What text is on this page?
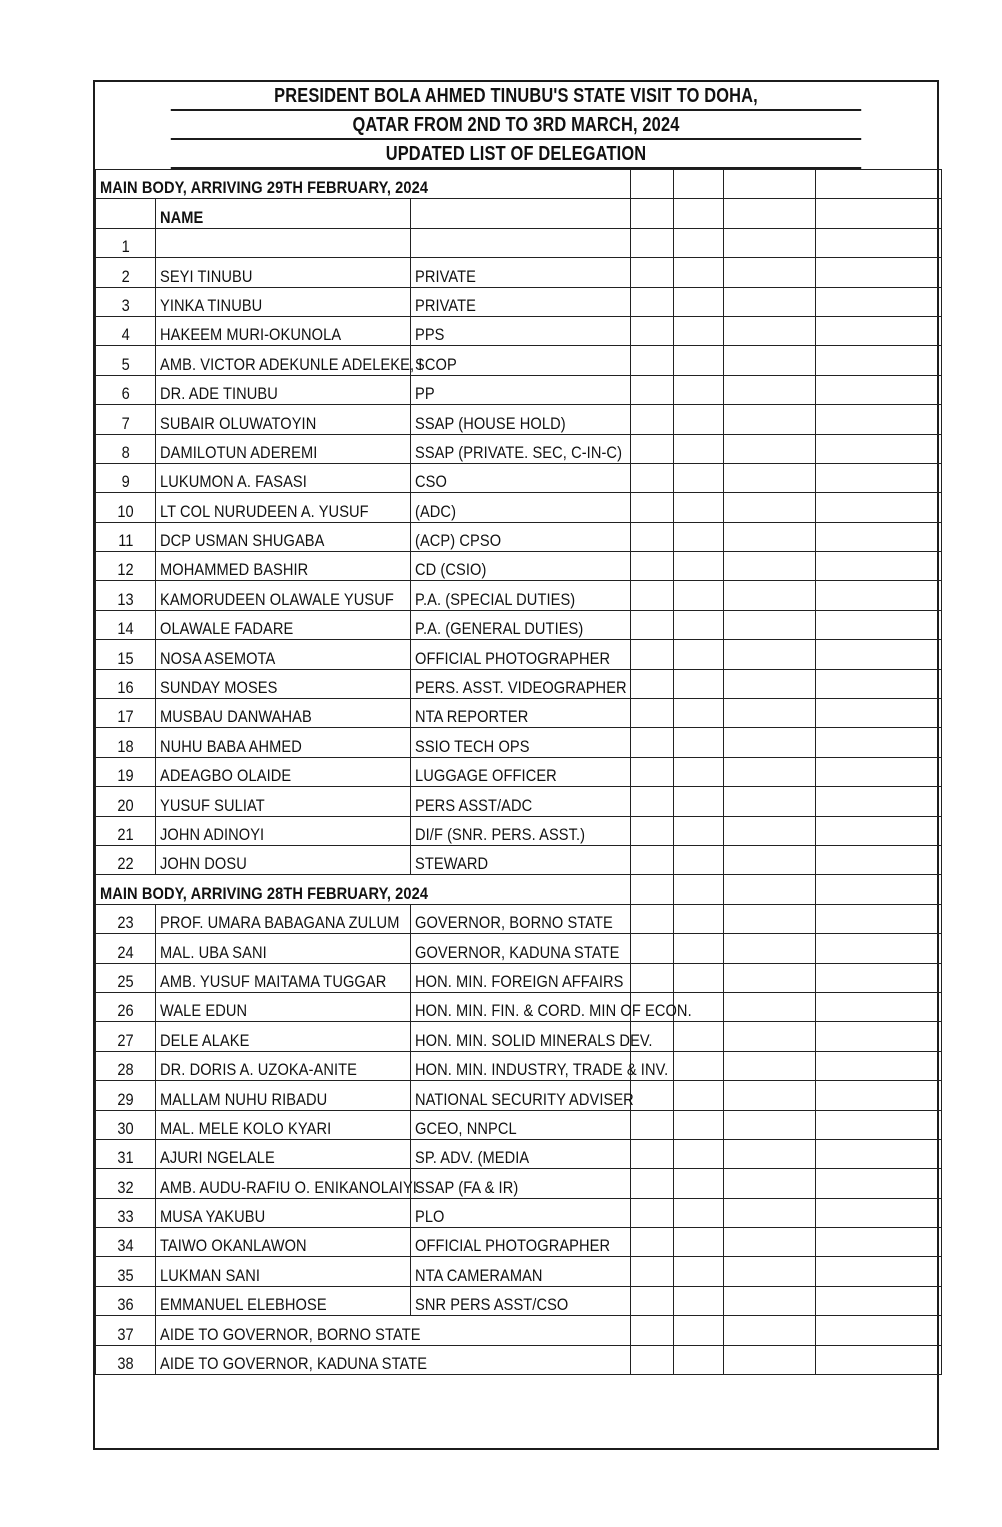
PRESIDENT BOLA AHMED TINUBU'S STATE VISIT TO DOHA,
QATAR FROM 2ND TO 3RD MARCH, 2024
UPDATED LIST OF DELEGATION
MAIN BODY, ARRIVING 29TH FEBRUARY, 2024						
	NAME					
1						
2	SEYI TINUBU	PRIVATE				
3	YINKA TINUBU	PRIVATE				
4	HAKEEM MURI-OKUNOLA	PPS				
5	AMB. VICTOR ADEKUNLE ADELEKE, I	SCOP				
6	DR. ADE TINUBU	PP				
7	SUBAIR OLUWATOYIN	SSAP (HOUSE HOLD)				
8	DAMILOTUN ADEREMI	SSAP (PRIVATE. SEC, C-IN-C)				
9	LUKUMON A. FASASI	CSO				
10	LT COL NURUDEEN A. YUSUF	(ADC)				
11	DCP USMAN SHUGABA	(ACP) CPSO				
12	MOHAMMED BASHIR	CD (CSIO)				
13	KAMORUDEEN OLAWALE YUSUF	P.A. (SPECIAL DUTIES)				
14	OLAWALE FADARE	P.A. (GENERAL DUTIES)				
15	NOSA ASEMOTA	OFFICIAL PHOTOGRAPHER				
16	SUNDAY MOSES	PERS. ASST. VIDEOGRAPHER				
17	MUSBAU DANWAHAB	NTA REPORTER				
18	NUHU BABA AHMED	SSIO TECH OPS				
19	ADEAGBO OLAIDE	LUGGAGE OFFICER				
20	YUSUF SULIAT	PERS ASST/ADC				
21	JOHN ADINOYI	DI/F (SNR. PERS. ASST.)				
22	JOHN DOSU	STEWARD				
MAIN BODY, ARRIVING 28TH FEBRUARY, 2024						
23	PROF. UMARA BABAGANA ZULUM	GOVERNOR, BORNO STATE				
24	MAL. UBA SANI	GOVERNOR, KADUNA STATE				
25	AMB. YUSUF MAITAMA TUGGAR	HON. MIN. FOREIGN AFFAIRS				
26	WALE EDUN	HON. MIN. FIN. & CORD. MIN OF ECON.				
27	DELE ALAKE	HON. MIN. SOLID MINERALS DEV.				
28	DR. DORIS A. UZOKA-ANITE	HON. MIN. INDUSTRY, TRADE & INV.				
29	MALLAM NUHU RIBADU	NATIONAL SECURITY ADVISER				
30	MAL. MELE KOLO KYARI	GCEO, NNPCL				
31	AJURI NGELALE	SP. ADV. (MEDIA				
32	AMB. AUDU-RAFIU O. ENIKANOLAIYI	SSAP (FA & IR)				
33	MUSA YAKUBU	PLO				
34	TAIWO OKANLAWON	OFFICIAL PHOTOGRAPHER				
35	LUKMAN SANI	NTA CAMERAMAN				
36	EMMANUEL ELEBHOSE	SNR PERS ASST/CSO				
37	AIDE TO GOVERNOR, BORNO STATE					
38	AIDE TO GOVERNOR, KADUNA STATE					
